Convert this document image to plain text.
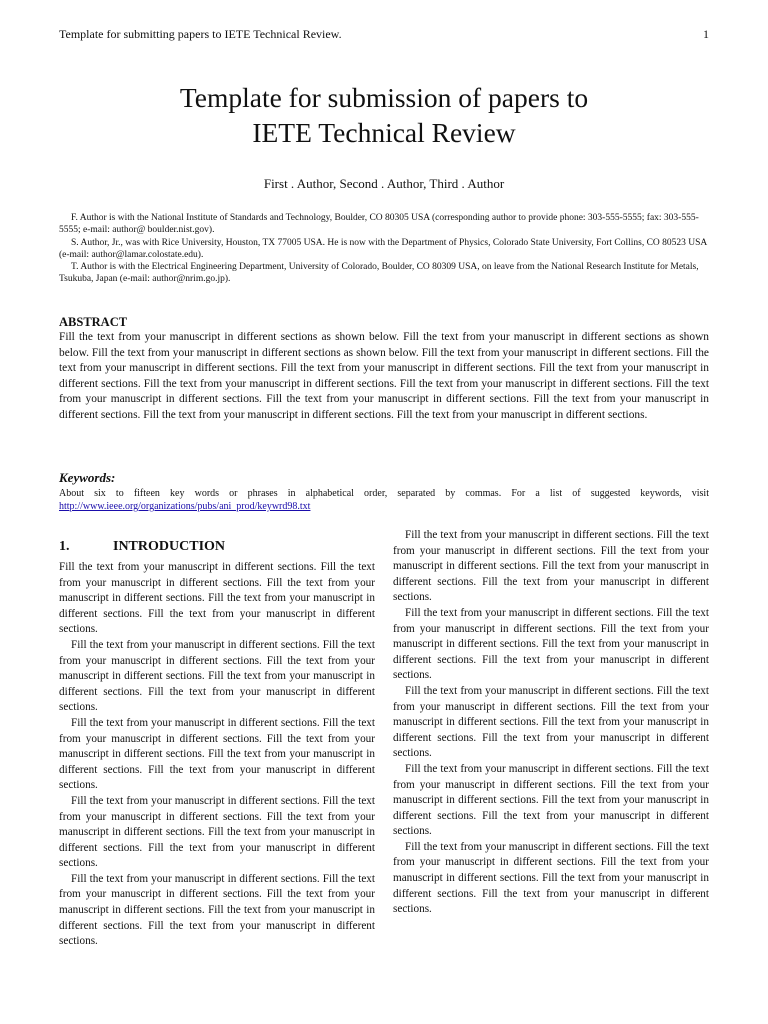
Template for submitting papers to IETE Technical Review.	1
Template for submission of papers to
IETE Technical Review
First . Author, Second . Author, Third . Author

F. Author is with the National Institute of Standards and Technology, Boulder, CO 80305 USA (corresponding author to provide phone: 303-555-5555; fax: 303-555-5555; e-mail: author@ boulder.nist.gov).

S. Author, Jr., was with Rice University, Houston, TX 77005 USA. He is now with the Department of Physics, Colorado State University, Fort Collins, CO 80523 USA (e-mail: author@lamar.colostate.edu).

T. Author is with the Electrical Engineering Department, University of Colorado, Boulder, CO 80309 USA, on leave from the National Research Institute for Metals, Tsukuba, Japan (e-mail: author@nrim.go.jp).

ABSTRACT
Fill the text from your manuscript in different sections as shown below. Fill the text from your manuscript in different sections as shown below. Fill the text from your manuscript in different sections as shown below. Fill the text from your manuscript in different sections. Fill the text from your manuscript in different sections. Fill the text from your manuscript in different sections. Fill the text from your manuscript in different sections. Fill the text from your manuscript in different sections. Fill the text from your manuscript in different sections. Fill the text from your manuscript in different sections. Fill the text from your manuscript in different sections. Fill the text from your manuscript in different sections. Fill the text from your manuscript in different sections. Fill the text from your manuscript in different sections.
Keywords:
About six to fifteen key words or phrases in alphabetical order, separated by commas. For a list of suggested keywords, visit http://www.ieee.org/organizations/pubs/ani_prod/keywrd98.txt
1.	INTRODUCTION

Fill the text from your manuscript in different sections. Fill the text from your manuscript in different sections. Fill the text from your manuscript in different sections. Fill the text from your manuscript in different sections. Fill the text from your manuscript in different sections.

Fill the text from your manuscript in different sections. Fill the text from your manuscript in different sections. Fill the text from your manuscript in different sections. Fill the text from your manuscript in different sections. Fill the text from your manuscript in different sections.

Fill the text from your manuscript in different sections. Fill the text from your manuscript in different sections. Fill the text from your manuscript in different sections. Fill the text from your manuscript in different sections. Fill the text from your manuscript in different sections.

Fill the text from your manuscript in different sections. Fill the text from your manuscript in different sections. Fill the text from your manuscript in different sections. Fill the text from your manuscript in different sections. Fill the text from your manuscript in different sections.

Fill the text from your manuscript in different sections. Fill the text from your manuscript in different sections. Fill the text from your manuscript in different sections. Fill the text from your manuscript in different sections. Fill the text from your manuscript in different sections.

Fill the text from your manuscript in different sections. Fill the text from your manuscript in different sections. Fill the text from your manuscript in different sections. Fill the text from your manuscript in different sections. Fill the text from your manuscript in different sections.

Fill the text from your manuscript in different sections. Fill the text from your manuscript in different sections. Fill the text from your manuscript in different sections. Fill the text from your manuscript in different sections. Fill the text from your manuscript in different sections.

Fill the text from your manuscript in different sections. Fill the text from your manuscript in different sections. Fill the text from your manuscript in different sections. Fill the text from your manuscript in different sections. Fill the text from your manuscript in different sections.

Fill the text from your manuscript in different sections. Fill the text from your manuscript in different sections. Fill the text from your manuscript in different sections. Fill the text from your manuscript in different sections. Fill the text from your manuscript in different sections.

Fill the text from your manuscript in different sections. Fill the text from your manuscript in different sections. Fill the text from your manuscript in different sections. Fill the text from your manuscript in different sections. Fill the text from your manuscript in different sections.
